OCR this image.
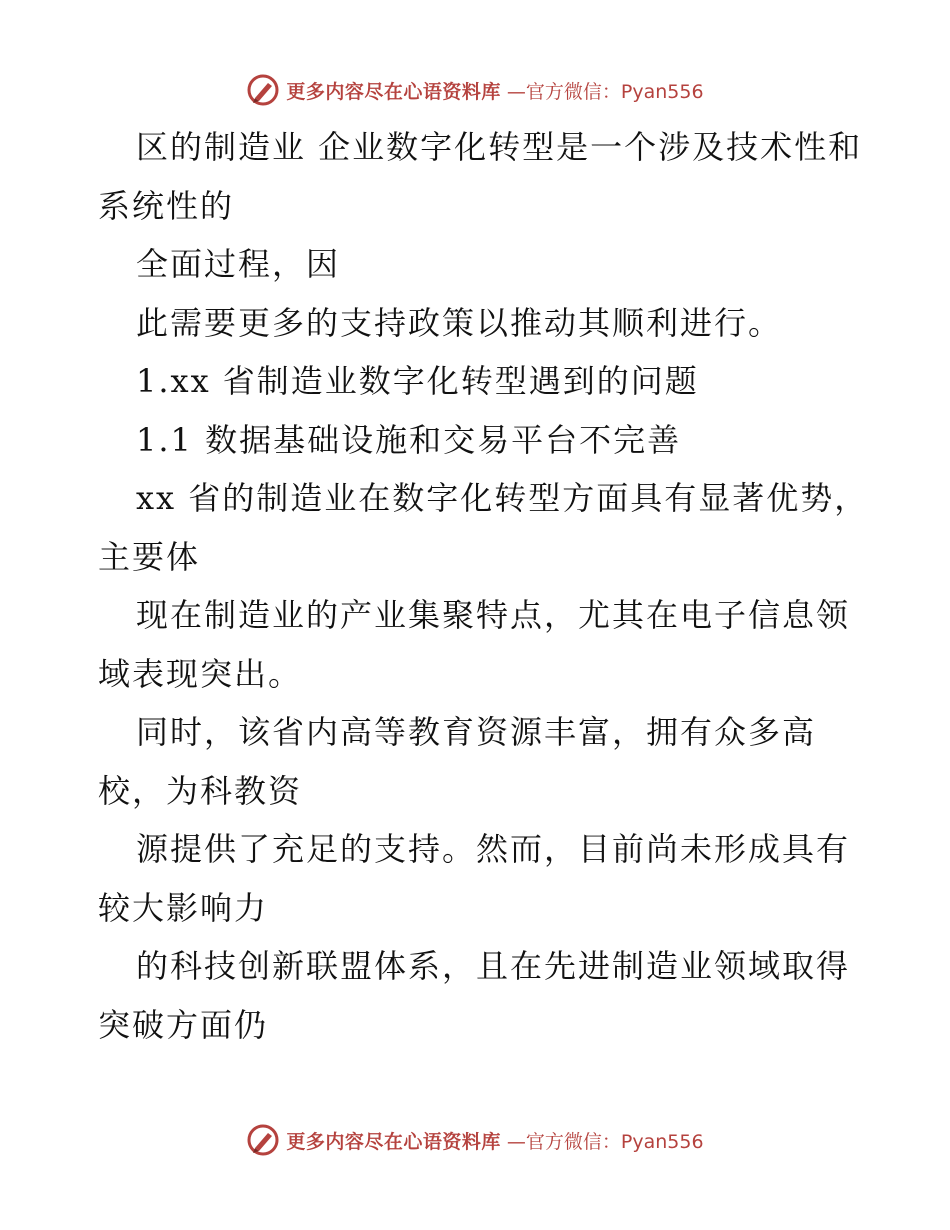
更多内容尽在心语资料库 —官方微信：Pyan556

区的制造业 企业数字化转型是一个涉及技术性和系统性的

全面过程，因

此需要更多的支持政策以推动其顺利进行。

1.xx 省制造业数字化转型遇到的问题

1.1 数据基础设施和交易平台不完善

xx 省的制造业在数字化转型方面具有显著优势，主要体

现在制造业的产业集聚特点，尤其在电子信息领域表现突出。

同时，该省内高等教育资源丰富，拥有众多高校，为科教资

源提供了充足的支持。然而，目前尚未形成具有较大影响力

的科技创新联盟体系，且在先进制造业领域取得突破方面仍

更多内容尽在心语资料库 —官方微信：Pyan556
